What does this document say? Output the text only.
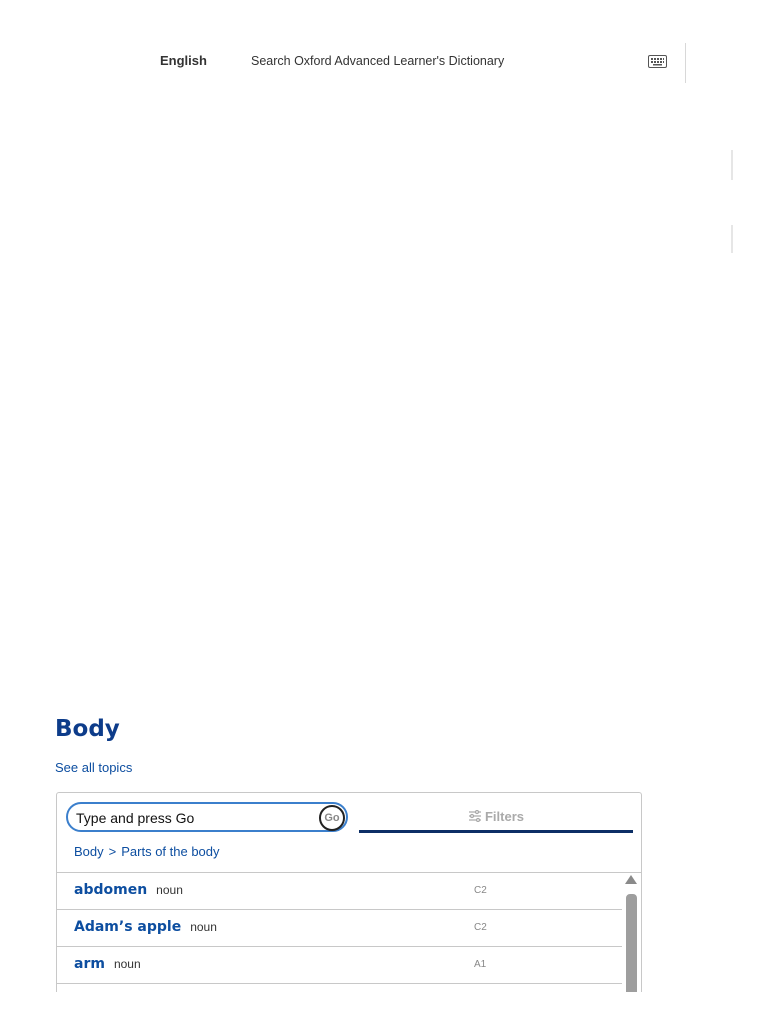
English	Search Oxford Advanced Learner's Dictionary
Body
See all topics
Type and press Go
Go	Filters
Body > Parts of the body
abdomen noun	C2
Adam’s apple noun	C2
arm noun	A1
